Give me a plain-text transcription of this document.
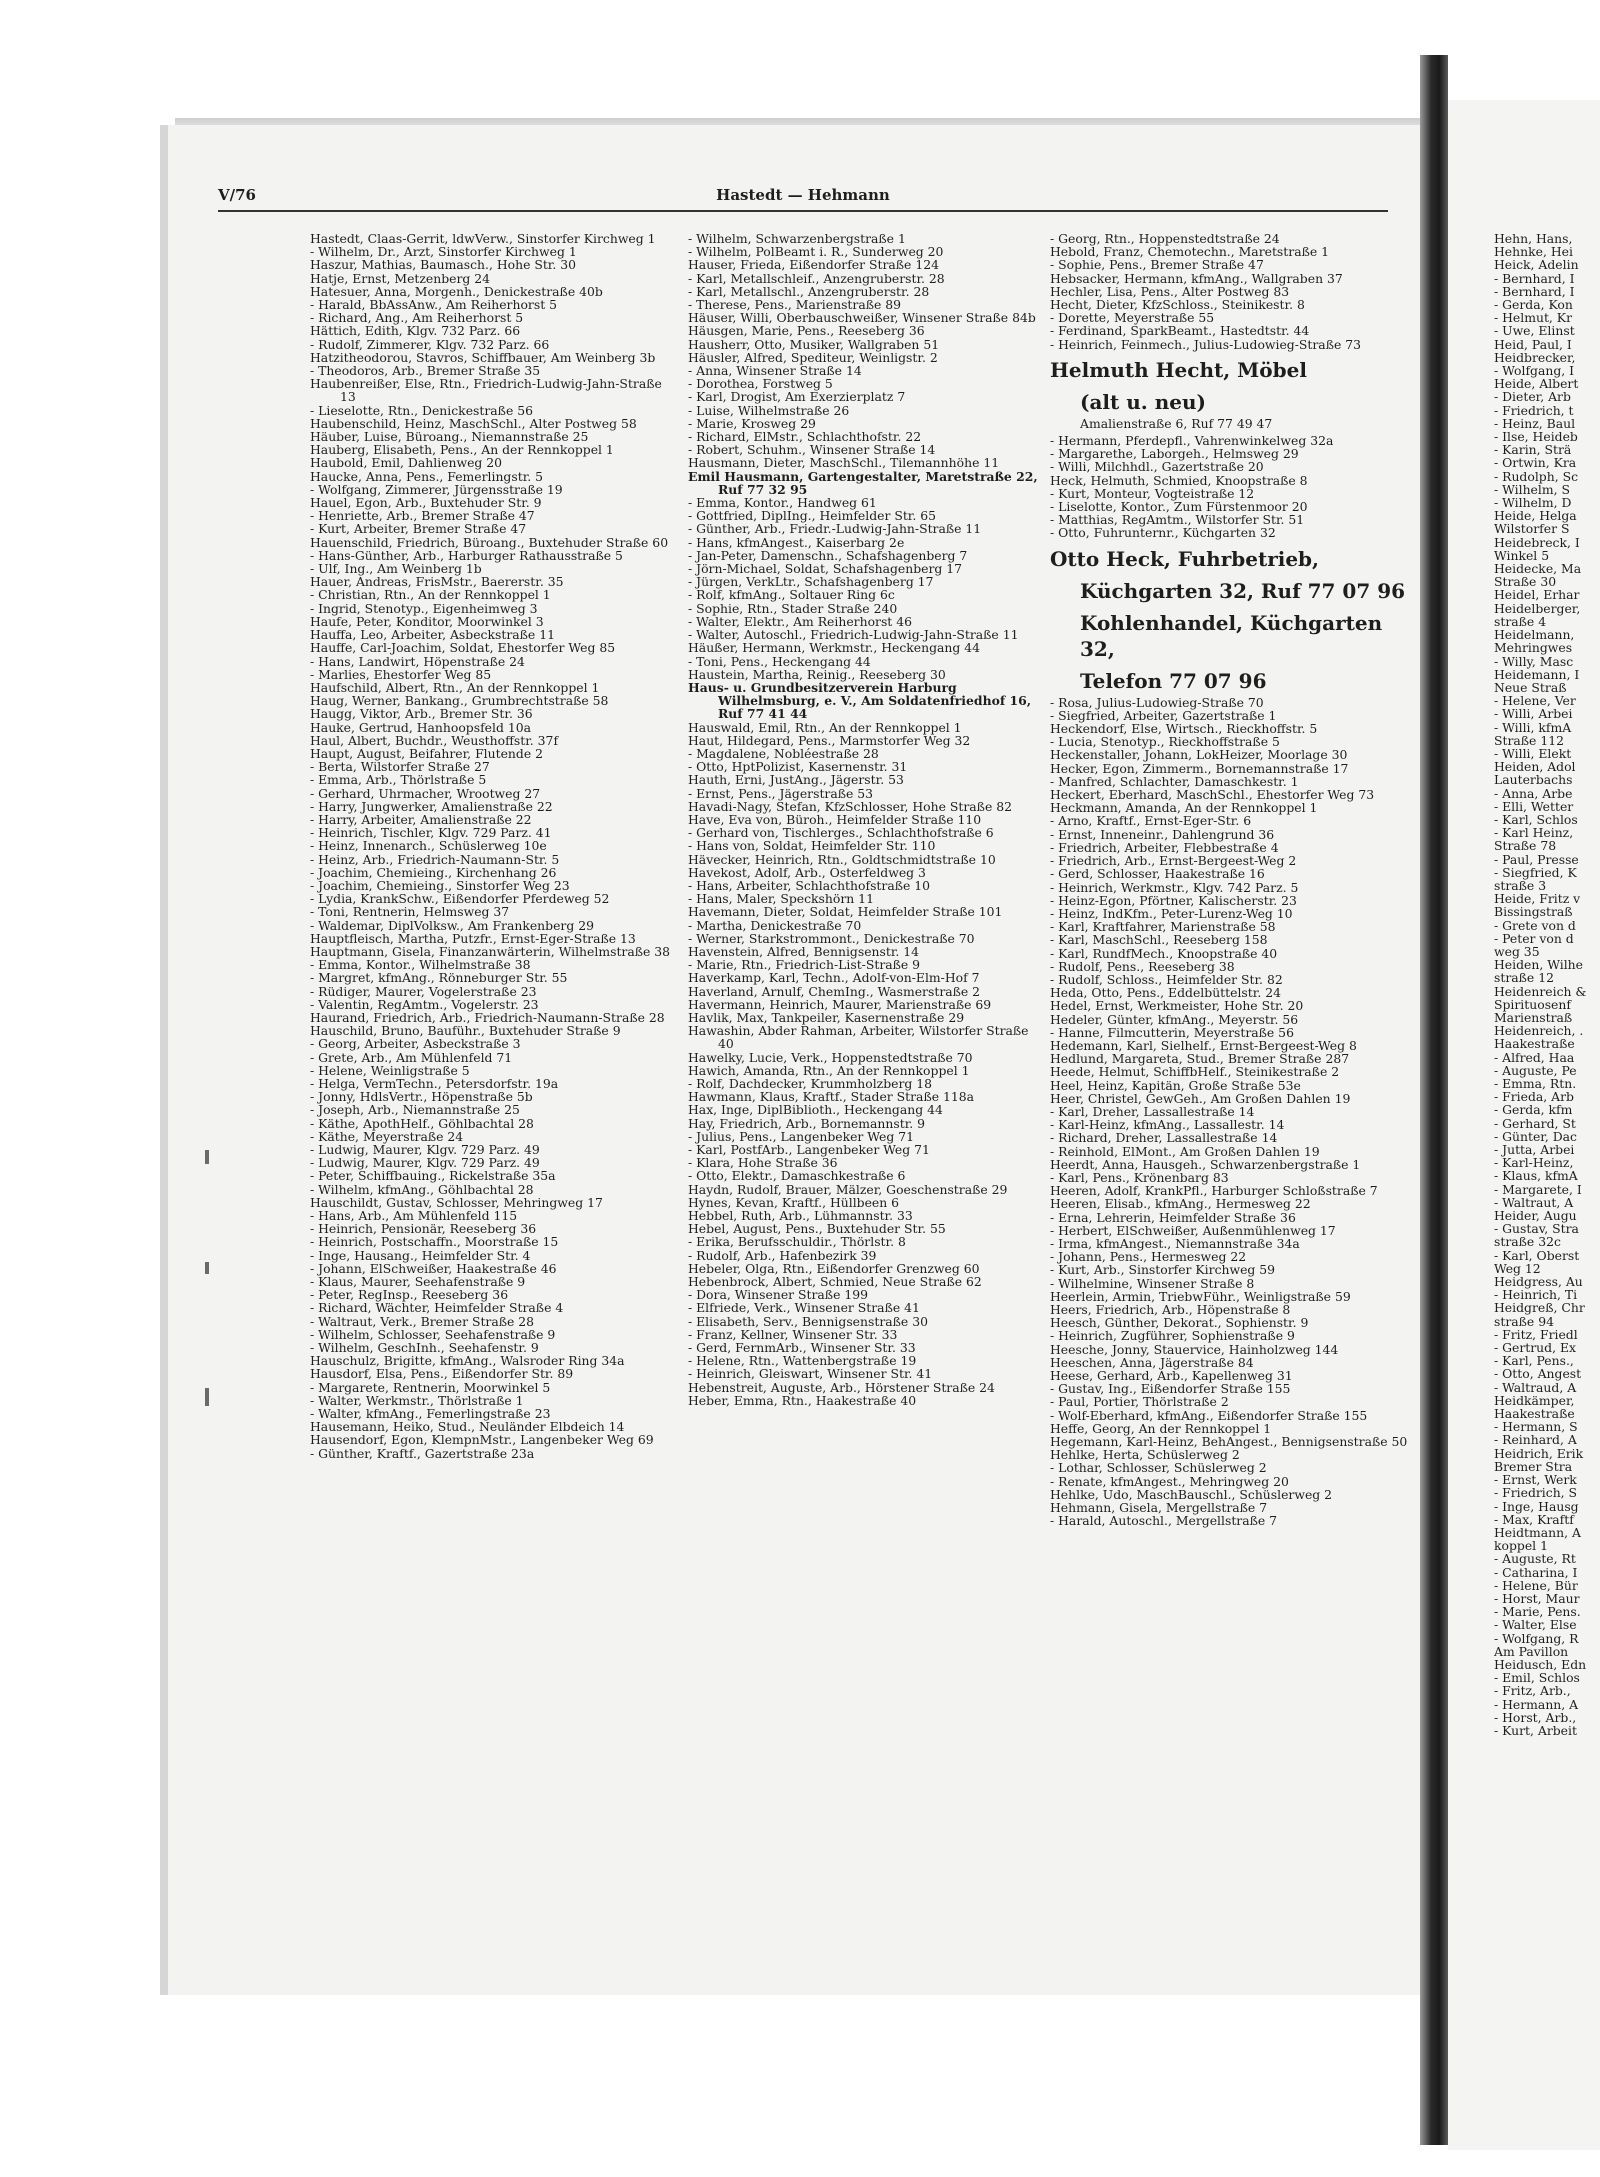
V/76	Hastedt — Hehmann
Hastedt, Claas-Gerrit, ldwVerw., Sinstorfer Kirchweg 1
- Wilhelm, Dr., Arzt, Sinstorfer Kirchweg 1
Haszur, Mathias, Baumasch., Hohe Str. 30
Hatje, Ernst, Metzenberg 24
Hatesuer, Anna, Morgenh., Denickestraße 40b
- Harald, BbAssAnw., Am Reiherhorst 5
- Richard, Ang., Am Reiherhorst 5
Hättich, Edith, Klgv. 732 Parz. 66
- Rudolf, Zimmerer, Klgv. 732 Parz. 66
Hatzitheodorou, Stavros, Schiffbauer, Am Weinberg 3b
- Theodoros, Arb., Bremer Straße 35
Haubenreißer, Else, Rtn., Friedrich-Ludwig-Jahn-Straße 13
- Lieselotte, Rtn., Denickestraße 56
Haubenschild, Heinz, MaschSchl., Alter Postweg 58
Häuber, Luise, Büroang., Niemannstraße 25
Hauberg, Elisabeth, Pens., An der Rennkoppel 1
Haubold, Emil, Dahlienweg 20
Haucke, Anna, Pens., Femerlingstr. 5
- Wolfgang, Zimmerer, Jürgensstraße 19
Hauel, Egon, Arb., Buxtehuder Str. 9
- Henriette, Arb., Bremer Straße 47
- Kurt, Arbeiter, Bremer Straße 47
Hauenschild, Friedrich, Büroang., Buxtehuder Straße 60
- Hans-Günther, Arb., Harburger Rathausstraße 5
- Ulf, Ing., Am Weinberg 1b
Hauer, Andreas, FrisMstr., Baererstr. 35
- Christian, Rtn., An der Rennkoppel 1
- Ingrid, Stenotyp., Eigenheimweg 3
Haufe, Peter, Konditor, Moorwinkel 3
Hauffa, Leo, Arbeiter, Asbeckstraße 11
Hauffe, Carl-Joachim, Soldat, Ehestorfer Weg 85
- Hans, Landwirt, Höpenstraße 24
- Marlies, Ehestorfer Weg 85
Haufschild, Albert, Rtn., An der Rennkoppel 1
Haug, Werner, Bankang., Grumbrechtstraße 58
Haugg, Viktor, Arb., Bremer Str. 36
Hauke, Gertrud, Hanhoopsfeld 10a
Haul, Albert, Buchdr., Weusthoffstr. 37f
Haupt, August, Beifahrer, Flutende 2
- Berta, Wilstorfer Straße 27
- Emma, Arb., Thörlstraße 5
- Gerhard, Uhrmacher, Wrootweg 27
- Harry, Jungwerker, Amalienstraße 22
- Harry, Arbeiter, Amalienstraße 22
- Heinrich, Tischler, Klgv. 729 Parz. 41
- Heinz, Innenarch., Schüslerweg 10e
- Heinz, Arb., Friedrich-Naumann-Str. 5
- Joachim, Chemieing., Kirchenhang 26
- Joachim, Chemieing., Sinstorfer Weg 23
- Lydia, KrankSchw., Eißendorfer Pferdeweg 52
- Toni, Rentnerin, Helmsweg 37
- Waldemar, DiplVolksw., Am Frankenberg 29
Hauptfleisch, Martha, Putzfr., Ernst-Eger-Straße 13
Hauptmann, Gisela, Finanzanwärterin, Wilhelmstraße 38
- Emma, Kontor., Wilhelmstraße 38
- Margret, kfmAng., Rönneburger Str. 55
- Rüdiger, Maurer, Vogelerstraße 23
- Valentin, RegAmtm., Vogelerstr. 23
Haurand, Friedrich, Arb., Friedrich-Naumann-Straße 28
Hauschild, Bruno, Bauführ., Buxtehuder Straße 9
- Georg, Arbeiter, Asbeckstraße 3
- Grete, Arb., Am Mühlenfeld 71
- Helene, Weinligstraße 5
- Helga, VermTechn., Petersdorfstr. 19a
- Jonny, HdlsVertr., Höpenstraße 5b
- Joseph, Arb., Niemannstraße 25
- Käthe, ApothHelf., Göhlbachtal 28
- Käthe, Meyerstraße 24
- Ludwig, Maurer, Klgv. 729 Parz. 49
- Ludwig, Maurer, Klgv. 729 Parz. 49
- Peter, Schiffbauing., Rickelstraße 35a
- Wilhelm, kfmAng., Göhlbachtal 28
Hauschildt, Gustav, Schlosser, Mehringweg 17
- Hans, Arb., Am Mühlenfeld 115
- Heinrich, Pensionär, Reeseberg 36
- Heinrich, Postschaffn., Moorstraße 15
- Inge, Hausang., Heimfelder Str. 4
- Johann, ElSchweißer, Haakestraße 46
- Klaus, Maurer, Seehafenstraße 9
- Peter, RegInsp., Reeseberg 36
- Richard, Wächter, Heimfelder Straße 4
- Waltraut, Verk., Bremer Straße 28
- Wilhelm, Schlosser, Seehafenstraße 9
- Wilhelm, GeschInh., Seehafenstr. 9
Hauschulz, Brigitte, kfmAng., Walsroder Ring 34a
Hausdorf, Elsa, Pens., Eißendorfer Str. 89
- Margarete, Rentnerin, Moorwinkel 5
- Walter, Werkmstr., Thörlstraße 1
- Walter, kfmAng., Femerlingstraße 23
Hausemann, Heiko, Stud., Neuländer Elbdeich 14
Hausendorf, Egon, KlempnMstr., Langenbeker Weg 69
- Günther, Kraftf., Gazertstraße 23a
- Wilhelm, Schwarzenbergstraße 1
- Wilhelm, PolBeamt i. R., Sunderweg 20
Hauser, Frieda, Eißendorfer Straße 124
- Karl, Metallschleif., Anzengruberstr. 28
- Karl, Metallschl., Anzengruberstr. 28
- Therese, Pens., Marienstraße 89
Häuser, Willi, Oberbauschweißer, Winsener Straße 84b
Häusgen, Marie, Pens., Reeseberg 36
Hausherr, Otto, Musiker, Wallgraben 51
Häusler, Alfred, Spediteur, Weinligstr. 2
- Anna, Winsener Straße 14
- Dorothea, Forstweg 5
- Karl, Drogist, Am Exerzierplatz 7
- Luise, Wilhelmstraße 26
- Marie, Krosweg 29
- Richard, ElMstr., Schlachthofstr. 22
- Robert, Schuhm., Winsener Straße 14
Hausmann, Dieter, MaschSchl., Tilemannhöhe 11
Emil Hausmann, Gartengestalter, Maretstraße 22, Ruf 77 32 95
- Emma, Kontor., Handweg 61
- Gottfried, DiplIng., Heimfelder Str. 65
- Günther, Arb., Friedr.-Ludwig-Jahn-Straße 11
- Hans, kfmAngest., Kaiserbarg 2e
- Jan-Peter, Damenschn., Schafshagenberg 7
- Jörn-Michael, Soldat, Schafshagenberg 17
- Jürgen, VerkLtr., Schafshagenberg 17
- Rolf, kfmAng., Soltauer Ring 6c
- Sophie, Rtn., Stader Straße 240
- Walter, Elektr., Am Reiherhorst 46
- Walter, Autoschl., Friedrich-Ludwig-Jahn-Straße 11
Häußer, Hermann, Werkmstr., Heckengang 44
- Toni, Pens., Heckengang 44
Haustein, Martha, Reinig., Reeseberg 30
Haus- u. Grundbesitzerverein Harburg Wilhelmsburg, e. V., Am Soldatenfriedhof 16, Ruf 77 41 44
Hauswald, Emil, Rtn., An der Rennkoppel 1
Haut, Hildegard, Pens., Marmstorfer Weg 32
- Magdalene, Nobléestraße 28
- Otto, HptPolizist, Kasernenstr. 31
Hauth, Erni, JustAng., Jägerstr. 53
- Ernst, Pens., Jägerstraße 53
Havadi-Nagy, Stefan, KfzSchlosser, Hohe Straße 82
Have, Eva von, Büroh., Heimfelder Straße 110
- Gerhard von, Tischlerges., Schlachthofstraße 6
- Hans von, Soldat, Heimfelder Str. 110
Hävecker, Heinrich, Rtn., Goldtschmidtstraße 10
Havekost, Adolf, Arb., Osterfeldweg 3
- Hans, Arbeiter, Schlachthofstraße 10
- Hans, Maler, Speckshörn 11
Havemann, Dieter, Soldat, Heimfelder Straße 101
- Martha, Denickestraße 70
- Werner, Starkstrommont., Denickestraße 70
Havenstein, Alfred, Bennigsenstr. 14
- Marie, Rtn., Friedrich-List-Straße 9
Haverkamp, Karl, Techn., Adolf-von-Elm-Hof 7
Haverland, Arnulf, ChemIng., Wasmerstraße 2
Havermann, Heinrich, Maurer, Marienstraße 69
Havlik, Max, Tankpeiler, Kasernenstraße 29
Hawashin, Abder Rahman, Arbeiter, Wilstorfer Straße 40
Hawelky, Lucie, Verk., Hoppenstedtstraße 70
Hawich, Amanda, Rtn., An der Rennkoppel 1
- Rolf, Dachdecker, Krummholzberg 18
Hawmann, Klaus, Kraftf., Stader Straße 118a
Hax, Inge, DiplBiblioth., Heckengang 44
Hay, Friedrich, Arb., Bornemannstr. 9
- Julius, Pens., Langenbeker Weg 71
- Karl, PostfArb., Langenbeker Weg 71
- Klara, Hohe Straße 36
- Otto, Elektr., Damaschkestraße 6
Haydn, Rudolf, Brauer, Mälzer, Goeschenstraße 29
Hynes, Kevan, Kraftf., Hüllbeen 6
Hebbel, Ruth, Arb., Lühmannstr. 33
Hebel, August, Pens., Buxtehuder Str. 55
- Erika, Berufsschuldir., Thörlstr. 8
- Rudolf, Arb., Hafenbezirk 39
Hebeler, Olga, Rtn., Eißendorfer Grenzweg 60
Hebenbrock, Albert, Schmied, Neue Straße 62
- Dora, Winsener Straße 199
- Elfriede, Verk., Winsener Straße 41
- Elisabeth, Serv., Bennigsenstraße 30
- Franz, Kellner, Winsener Str. 33
- Gerd, FernmArb., Winsener Str. 33
- Helene, Rtn., Wattenbergstraße 19
- Heinrich, Gleiswart, Winsener Str. 41
Hebenstreit, Auguste, Arb., Hörstener Straße 24
Heber, Emma, Rtn., Haakestraße 40
- Georg, Rtn., Hoppenstedtstraße 24
Hebold, Franz, Chemotechn., Maretstraße 1
- Sophie, Pens., Bremer Straße 47
Hebsacker, Hermann, kfmAng., Wallgraben 37
Hechler, Lisa, Pens., Alter Postweg 83
Hecht, Dieter, KfzSchloss., Steinikestr. 8
- Dorette, Meyerstraße 55
- Ferdinand, SparkBeamt., Hastedtstr. 44
- Heinrich, Feinmech., Julius-Ludowieg-Straße 73
Helmuth Hecht, Möbel
(alt u. neu)
Amalienstraße 6, Ruf 77 49 47
- Hermann, Pferdepfl., Vahrenwinkelweg 32a
- Margarethe, Laborgeh., Helmsweg 29
- Willi, Milchhdl., Gazertstraße 20
Heck, Helmuth, Schmied, Knoopstraße 8
- Kurt, Monteur, Vogteistraße 12
- Liselotte, Kontor., Zum Fürstenmoor 20
- Matthias, RegAmtm., Wilstorfer Str. 51
- Otto, Fuhrunternr., Küchgarten 32
Otto Heck, Fuhrbetrieb,
Küchgarten 32, Ruf 77 07 96
Kohlenhandel, Küchgarten 32,
Telefon 77 07 96
- Rosa, Julius-Ludowieg-Straße 70
- Siegfried, Arbeiter, Gazertstraße 1
Heckendorf, Else, Wirtsch., Rieckhoffstr. 5
- Lucia, Stenotyp., Rieckhoffstraße 5
Heckenstaller, Johann, LokHeizer, Moorlage 30
Hecker, Egon, Zimmerm., Bornemannstraße 17
- Manfred, Schlachter, Damaschkestr. 1
Heckert, Eberhard, MaschSchl., Ehestorfer Weg 73
Heckmann, Amanda, An der Rennkoppel 1
- Arno, Kraftf., Ernst-Eger-Str. 6
- Ernst, Inneneinr., Dahlengrund 36
- Friedrich, Arbeiter, Flebbestraße 4
- Friedrich, Arb., Ernst-Bergeest-Weg 2
- Gerd, Schlosser, Haakestraße 16
- Heinrich, Werkmstr., Klgv. 742 Parz. 5
- Heinz-Egon, Pförtner, Kalischerstr. 23
- Heinz, IndKfm., Peter-Lurenz-Weg 10
- Karl, Kraftfahrer, Marienstraße 58
- Karl, MaschSchl., Reeseberg 158
- Karl, RundfMech., Knoopstraße 40
- Rudolf, Pens., Reeseberg 38
- Rudolf, Schloss., Heimfelder Str. 82
Heda, Otto, Pens., Eddelbüttelstr. 24
Hedel, Ernst, Werkmeister, Hohe Str. 20
Hedeler, Günter, kfmAng., Meyerstr. 56
- Hanne, Filmcutterin, Meyerstraße 56
Hedemann, Karl, Sielhelf., Ernst-Bergeest-Weg 8
Hedlund, Margareta, Stud., Bremer Straße 287
Heede, Helmut, SchiffbHelf., Steinikestraße 2
Heel, Heinz, Kapitän, Große Straße 53e
Heer, Christel, GewGeh., Am Großen Dahlen 19
- Karl, Dreher, Lassallestraße 14
- Karl-Heinz, kfmAng., Lassallestr. 14
- Richard, Dreher, Lassallestraße 14
- Reinhold, ElMont., Am Großen Dahlen 19
Heerdt, Anna, Hausgeh., Schwarzenbergstraße 1
- Karl, Pens., Krönenbarg 83
Heeren, Adolf, KrankPfl., Harburger Schloßstraße 7
Heeren, Elisab., kfmAng., Hermesweg 22
- Erna, Lehrerin, Heimfelder Straße 36
- Herbert, ElSchweißer, Außenmühlenweg 17
- Irma, kfmAngest., Niemannstraße 34a
- Johann, Pens., Hermesweg 22
- Kurt, Arb., Sinstorfer Kirchweg 59
- Wilhelmine, Winsener Straße 8
Heerlein, Armin, TriebwFühr., Weinligstraße 59
Heers, Friedrich, Arb., Höpenstraße 8
Heesch, Günther, Dekorat., Sophienstr. 9
- Heinrich, Zugführer, Sophienstraße 9
Heesche, Jonny, Stauervice, Hainholzweg 144
Heeschen, Anna, Jägerstraße 84
Heese, Gerhard, Arb., Kapellenweg 31
- Gustav, Ing., Eißendorfer Straße 155
- Paul, Portier, Thörlstraße 2
- Wolf-Eberhard, kfmAng., Eißendorfer Straße 155
Heffe, Georg, An der Rennkoppel 1
Hegemann, Karl-Heinz, BehAngest., Bennigsenstraße 50
Hehlke, Herta, Schüslerweg 2
- Lothar, Schlosser, Schüslerweg 2
- Renate, kfmAngest., Mehringweg 20
Hehlke, Udo, MaschBauschl., Schüslerweg 2
Hehmann, Gisela, Mergellstraße 7
- Harald, Autoschl., Mergellstraße 7
Hehn, Hans,
Hehnke, Hei
Heick, Adelin
- Bernhard, I
- Bernhard, I
- Gerda, Kon
- Helmut, Kr
- Uwe, Elinst
Heid, Paul, I
Heidbrecker,
- Wolfgang, I
Heide, Albert
- Dieter, Arb
- Friedrich, t
- Heinz, Baul
- Ilse, Heideb
- Karin, Strä
- Ortwin, Kra
- Rudolph, Sc
- Wilhelm, S
- Wilhelm, D
Heide, Helga
Wilstorfer S
Heidebreck, I
Winkel 5
Heidecke, Ma
Straße 30
Heidel, Erhar
Heidelberger,
straße 4
Heidelmann,
Mehringwes
- Willy, Masc
Heidemann, I
Neue Straß
- Helene, Ver
- Willi, Arbei
- Willi, kfmA
Straße 112
- Willi, Elekt
Heiden, Adol
Lauterbachs
- Anna, Arbe
- Elli, Wetter
- Karl, Schlos
- Karl Heinz,
Straße 78
- Paul, Presse
- Siegfried, K
straße 3
Heide, Fritz v
Bissingstraß
- Grete von d
- Peter von d
weg 35
Heiden, Wilhe
straße 12
Heidenreich &
Spirituosenf
Marienstraß
Heidenreich, .
Haakestraße
- Alfred, Haa
- Auguste, Pe
- Emma, Rtn.
- Frieda, Arb
- Gerda, kfm
- Gerhard, St
- Günter, Dac
- Jutta, Arbei
- Karl-Heinz,
- Klaus, kfmA
- Margarete, I
- Waltraut, A
Heider, Augu
- Gustav, Stra
straße 32c
- Karl, Oberst
Weg 12
Heidgress, Au
- Heinrich, Ti
Heidgreß, Chr
straße 94
- Fritz, Friedl
- Gertrud, Ex
- Karl, Pens.,
- Otto, Angest
- Waltraud, A
Heidkämper,
Haakestraße
- Hermann, S
- Reinhard, A
Heidrich, Erik
Bremer Stra
- Ernst, Werk
- Friedrich, S
- Inge, Hausg
- Max, Kraftf
Heidtmann, A
koppel 1
- Auguste, Rt
- Catharina, I
- Helene, Bür
- Horst, Maur
- Marie, Pens.
- Walter, Else
- Wolfgang, R
Am Pavillon
Heidusch, Edn
- Emil, Schlos
- Fritz, Arb.,
- Hermann, A
- Horst, Arb.,
- Kurt, Arbeit
